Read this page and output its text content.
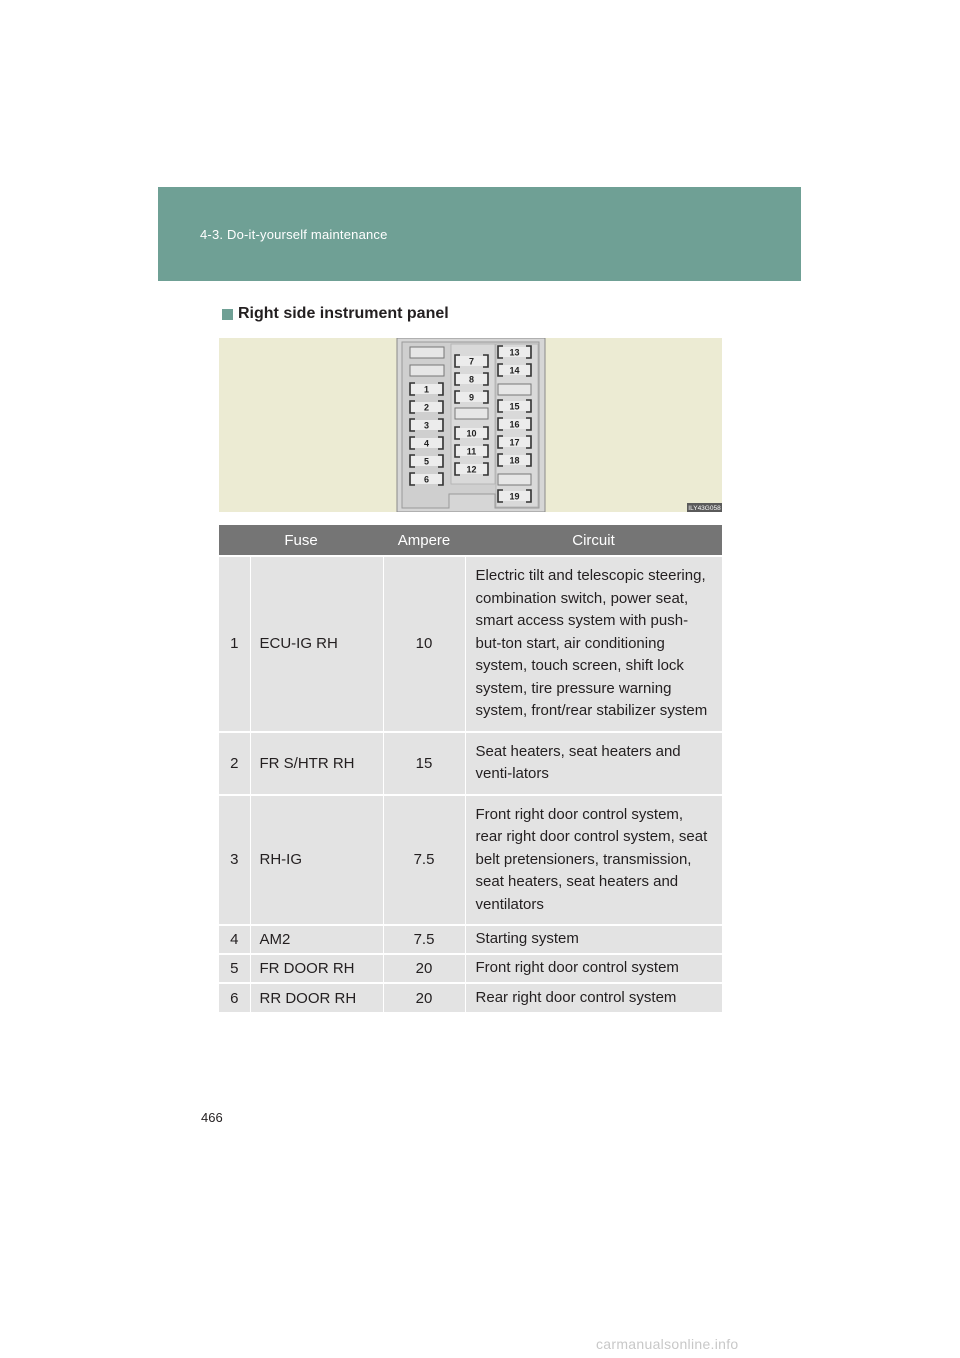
4-3. Do-it-yourself maintenance
Right side instrument panel
1
2
3
4
5
6
7
8
9
10
11
12
13
14
15
16
17
18
19
ILY43G058
Fuse		Ampere	Circuit
1	ECU-IG RH	10	Electric tilt and telescopic steering, combination switch, power seat, smart access system with push-but-ton start, air conditioning system, touch screen, shift lock system, tire pressure warning system, front/rear stabilizer system
2	FR S/HTR RH	15	Seat heaters, seat heaters and venti-lators
3	RH-IG	7.5	Front right door control system, rear right door control system, seat belt pretensioners, transmission, seat heaters, seat heaters and ventilators
4	AM2	7.5	Starting system
5	FR DOOR RH	20	Front right door control system
6	RR DOOR RH	20	Rear right door control system
466
carmanualsonline.info
